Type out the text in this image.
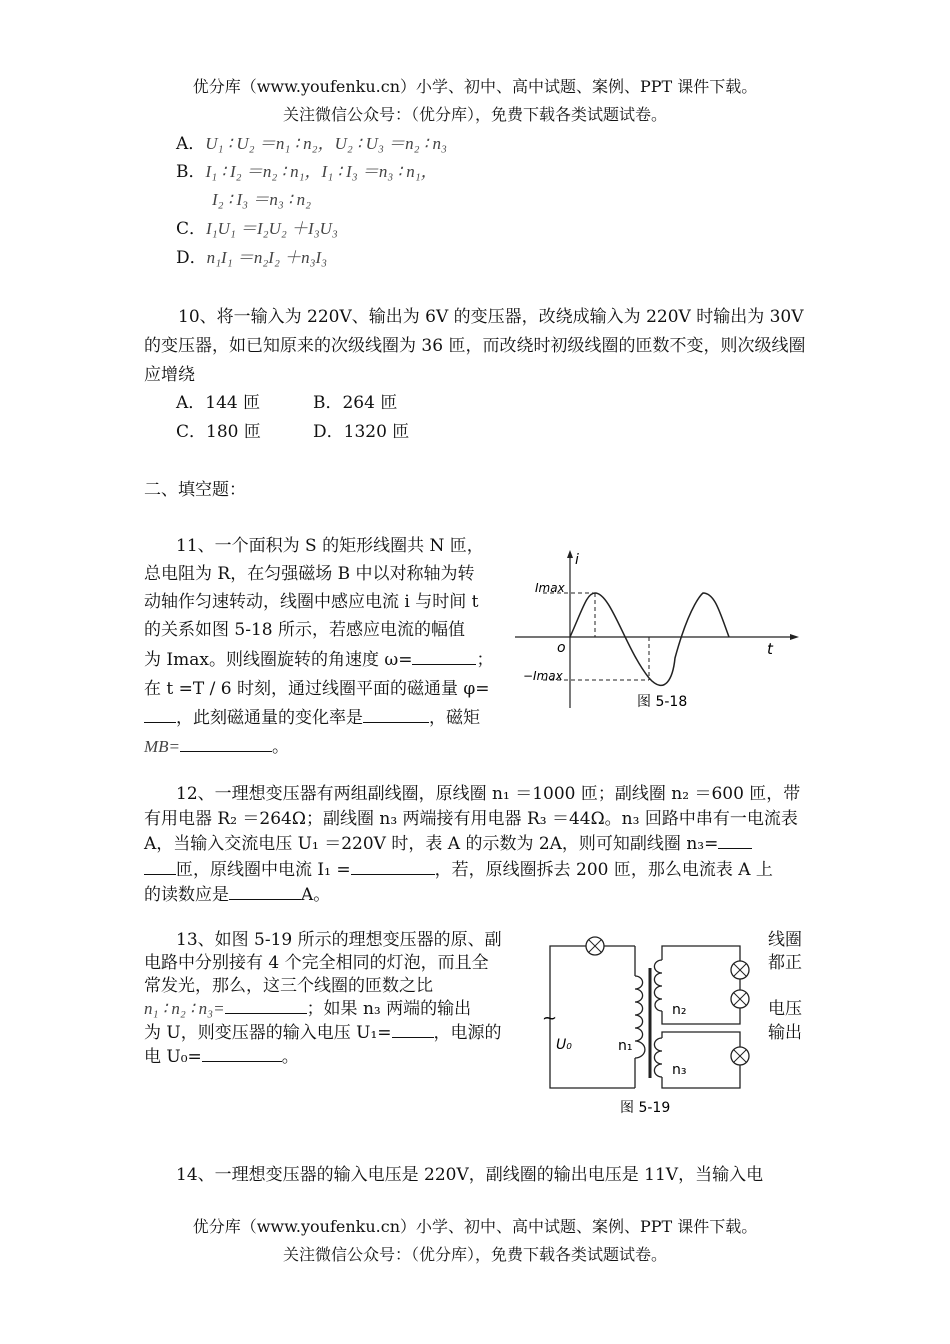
优分库（www.youfenku.cn）小学、初中、高中试题、案例、PPT 课件下载。
关注微信公众号：（优分库），免费下载各类试题试卷。
A．U₁ ∶ U₂ ＝n₁ ∶ n₂，U₂ ∶ U₃ ＝n₂ ∶ n₃
B．I₁ ∶ I₂ ＝n₂ ∶ n₁，I₁ ∶ I₃ ＝n₃ ∶ n₁，
I₂ ∶ I₃ ＝n₃ ∶ n₂
C．I₁U₁ ＝I₂U₂ ＋I₃U₃
D．n₁I₁ ＝n₂I₂ ＋n₃I₃
10、将一输入为 220V、输出为 6V 的变压器，改绕成输入为 220V 时输出为 30V 的变压器，如已知原来的次级线圈为 36 匝，而改绕时初级线圈的匝数不变，则次级线圈应增绕
A．144 匝	B．264 匝
C．180 匝	D．1320 匝
二、填空题：
11、一个面积为 S 的矩形线圈共 N 匝，
总电阻为 R，在匀强磁场 B 中以对称轴为转
动轴作匀速转动，线圈中感应电流 i 与时间 t
的关系如图 5-18 所示，若感应电流的幅值
为 Imax。则线圈旋转的角速度 ω=	；
在 t =T / 6 时刻，通过线圈平面的磁通量 φ=
，此刻磁通量的变化率是	，磁矩
MB=	。
i
t
o
Imax
−Imax
图 5-18
12、一理想变压器有两组副线圈，原线圈 n₁ ＝1000 匝；副线圈 n₂ ＝600 匝，带
有用电器 R₂ ＝264Ω；副线圈 n₃ 两端接有用电器 R₃ ＝44Ω。n₃ 回路中串有一电流表
A，当输入交流电压 U₁ ＝220V 时，表 A 的示数为 2A，则可知副线圈 n₃=
匝，原线圈中电流 I₁ =	，若，原线圈拆去 200 匝，那么电流表 A 上
的读数应是	A。
13、如图 5-19 所示的理想变压器的原、副
电路中分别接有 4 个完全相同的灯泡，而且全
常发光，那么，这三个线圈的匝数之比
n₁ ∶ n₂ ∶ n₃=	；如果 n₃ 两端的输出
为 U，则变压器的输入电压 U₁= ，电源的
电 U₀=	。
线圈
都正
电压
输出
~
U₀	n₁
n₂
n₃
图 5-19
14、一理想变压器的输入电压是 220V，副线圈的输出电压是 11V，当输入电
优分库（www.youfenku.cn）小学、初中、高中试题、案例、PPT 课件下载。
关注微信公众号：（优分库），免费下载各类试题试卷。
